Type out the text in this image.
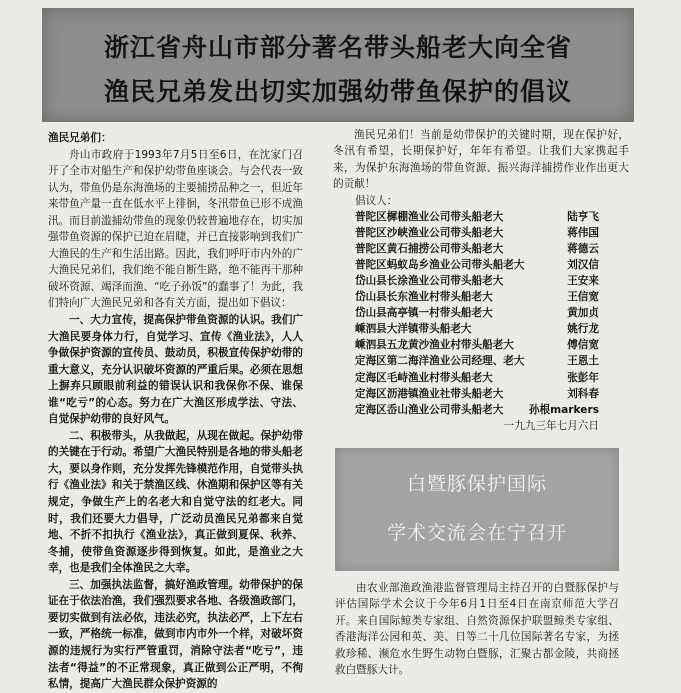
浙江省舟山市部分著名带头船老大向全省
渔民兄弟发出切实加强幼带鱼保护的倡议

渔民兄弟们：

舟山市政府于1993年7月5日至6日，在沈家门召开了全市对船生产和保护幼带鱼座谈会。与会代表一致认为，带鱼仍是东海渔场的主要捕捞品种之一，但近年来带鱼产量一直在低水平上徘徊，冬汛带鱼已形不成渔汛。而目前滥捕幼带鱼的现象仍较普遍地存在，切实加强带鱼资源的保护已迫在眉睫，并已直接影响到我们广大渔民的生产和生活出路。因此，我们呼吁市内外的广大渔民兄弟们，我们绝不能自断生路，绝不能再干那种破坏资源、竭泽而渔、“吃子孙饭”的蠢事了！为此，我们特向广大渔民兄弟和各有关方面，提出如下倡议：

一、大力宣传，提高保护带鱼资源的认识。我们广大渔民要身体力行，自觉学习、宣传《渔业法》，人人争做保护资源的宣传员、鼓动员，积极宣传保护幼带的重大意义，充分认识破坏资源的严重后果。必须在思想上摒弃只顾眼前利益的错误认识和我保你不保、谁保谁“吃亏”的心态。努力在广大渔区形成学法、守法、自觉保护幼带的良好风气。

二、积极带头，从我做起，从现在做起。保护幼带的关键在于行动。希望广大渔民特别是各地的带头船老大，要以身作则，充分发挥先锋模范作用，自觉带头执行《渔业法》和关于禁渔区线、休渔期和保护区等有关规定，争做生产上的名老大和自觉守法的红老大。同时，我们还要大力倡导，广泛动员渔民兄弟都来自觉地、不折不扣执行《渔业法》，真正做到夏保、秋养、冬捕，使带鱼资源逐步得到恢复。如此，是渔业之大幸，也是我们全体渔民之大幸。

三、加强执法监督，搞好渔政管理。幼带保护的保证在于依法治渔，我们强烈要求各地、各级渔政部门，要切实做到有法必依，违法必究，执法必严，上下左右一致，严格统一标准，做到市内市外一个样，对破坏资源的违规行为实行严管重罚，消除守法者“吃亏”，违法者“得益”的不正常现象，真正做到公正严明，不徇私情，提高广大渔民群众保护资源的

渔民兄弟们！当前是幼带保护的关键时期，现在保护好，冬汛有希望，长期保护好，年年有希望。让我们大家携起手来，为保护东海渔场的带鱼资源、振兴海洋捕捞作业作出更大的贡献！

倡议人：

普陀区樨棚渔业公司带头船老大	陆亨飞
普陀区沙峡渔业公司带头船老大	蒋伟国
普陀区黄石捕捞公司带头船老大	蒋德云
普陀区蚂蚁岛乡渔业公司带头船老大	刘汉信
岱山县长涂渔业公司带头船老大	王安来
岱山县长东渔业村带头船老大	王信宽
岱山县高亭镇一村带头船老大	黄加贞
嵊泗县大洋镇带头船老大	姚行龙
嵊泗县五龙黄沙渔业村带头船老大	傅信宽
定海区第二海洋渔业公司经理、老大	王恩土
定海区毛峙渔业村带头船老大	张彭年
定海区沥港镇渔业社带头船老大	刘科春
定海区岙山渔业公司带头船老大 孙根markers

一九九三年七月六日

白暨豚保护国际
学术交流会在宁召开

由农业部渔政渔港监督管理局主持召开的白暨豚保护与评估国际学术会议于今年6月1日至4日在南京师范大学召开。来自国际鲸类专家组、自然资源保护联盟鲸类专家组、香港海洋公园和英、美、日等二十几位国际著名专家，为拯救珍稀、濒危水生野生动物白暨豚，汇聚古都金陵，共商拯救白暨豚大计。
